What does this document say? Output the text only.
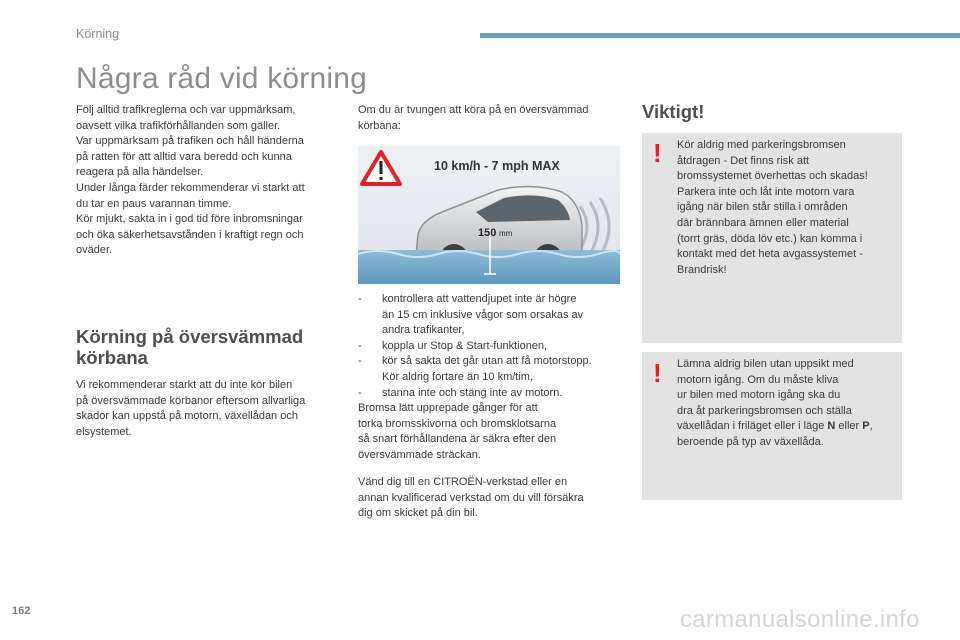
Körning
Några råd vid körning
Följ alltid trafikreglerna och var uppmärksam,
oavsett vilka trafikförhållanden som gäller.
Var uppmärksam på trafiken och håll händerna
på ratten för att alltid vara beredd och kunna
reagera på alla händelser.
Under långa färder rekommenderar vi starkt att
du tar en paus varannan timme.
Kör mjukt, sakta in i god tid före inbromsningar
och öka säkerhetsavstånden i kraftigt regn och
oväder.
Körning på översvämmad
körbana
Vi rekommenderar starkt att du inte kör bilen
på översvämmade körbanor eftersom allvarliga
skador kan uppstå på motorn, växellådan och
elsystemet.
Om du är tvungen att köra på en översvämmad
körbana:
10 km/h - 7 mph MAX
150 mm
-	kontrollera att vattendjupet inte är högre
än 15 cm inklusive vågor som orsakas av
andra trafikanter,
-	koppla ur Stop & Start-funktionen,
-	kör så sakta det går utan att få motorstopp.
Kör aldrig fortare än 10 km/tim,
-	stanna inte och stäng inte av motorn.
Bromsa lätt upprepade gånger för att
torka bromsskivorna och bromsklotsarna
så snart förhållandena är säkra efter den
översvämmade sträckan.
Vänd dig till en CITROËN-verkstad eller en
annan kvalificerad verkstad om du vill försäkra
dig om skicket på din bil.
Viktigt!
! Kör aldrig med parkeringsbromsen
åtdragen - Det finns risk att
bromssystemet överhettas och skadas!
Parkera inte och låt inte motorn vara
igång när bilen står stilla i områden
där brännbara ämnen eller material
(torrt gräs, döda löv etc.) kan komma i
kontakt med det heta avgassystemet -
Brandrisk!
! Lämna aldrig bilen utan uppsikt med
motorn igång. Om du måste kliva
ur bilen med motorn igång ska du
dra åt parkeringsbromsen och ställa
växellådan i friläget eller i läge N eller P,
beroende på typ av växellåda.
162	carmanualsonline.info
